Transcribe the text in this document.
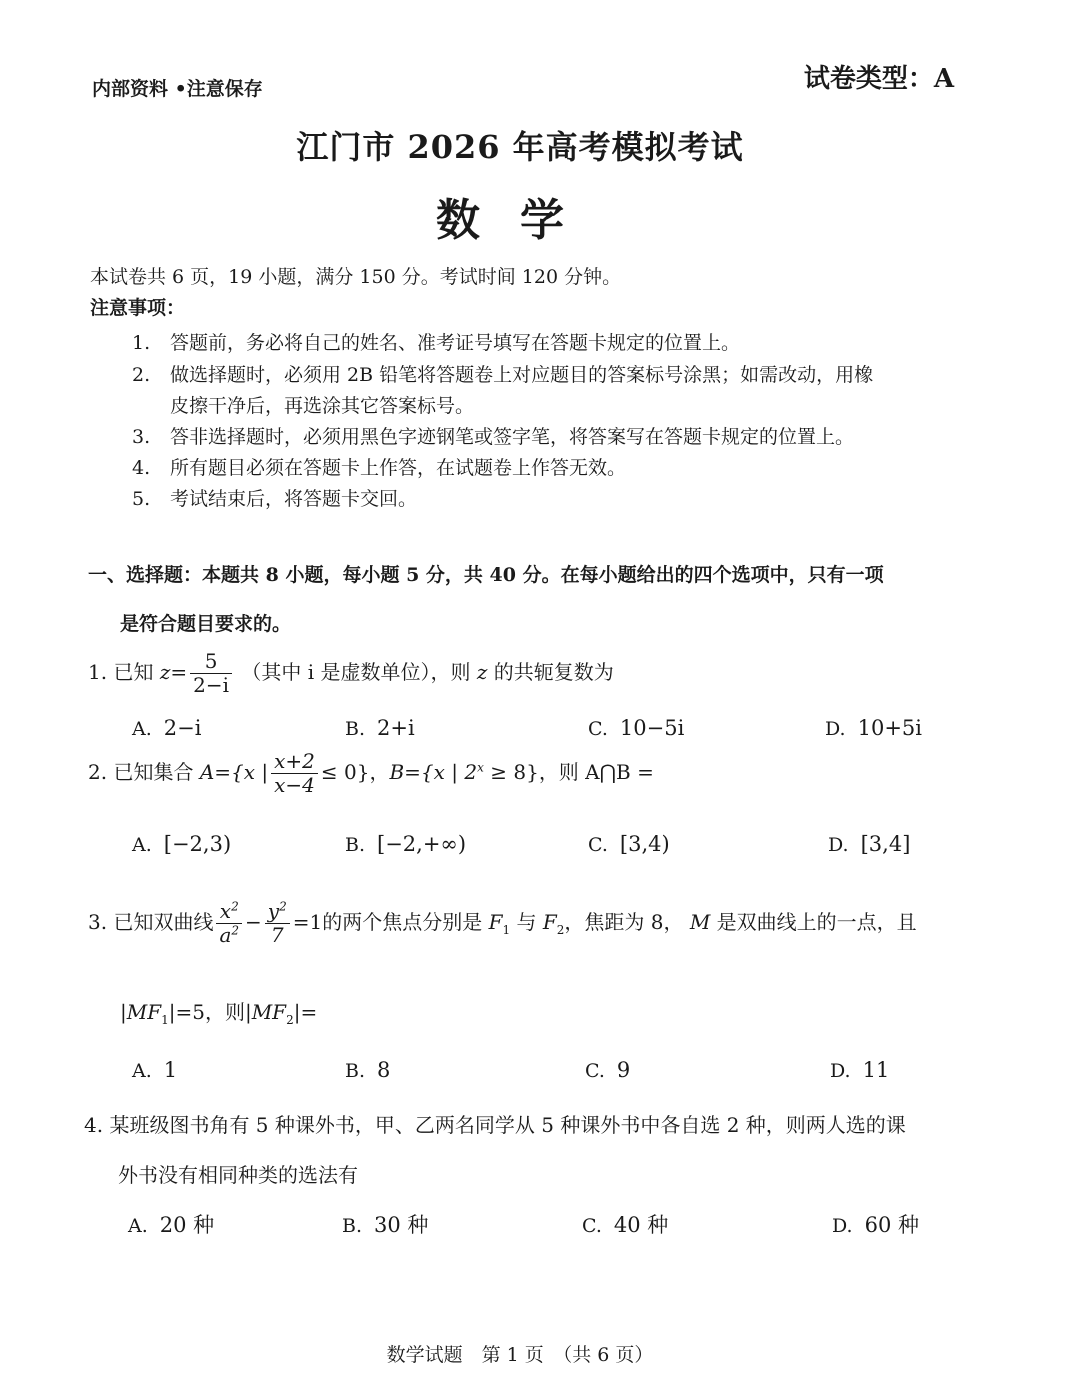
内部资料 •注意保存	试卷类型：A
江门市 2026 年高考模拟考试
数学
本试卷共 6 页，19 小题，满分 150 分。考试时间 120 分钟。
注意事项：
1. 答题前，务必将自己的姓名、准考证号填写在答题卡规定的位置上。
2. 做选择题时，必须用 2B 铅笔将答题卷上对应题目的答案标号涂黑；如需改动，用橡
皮擦干净后，再选涂其它答案标号。
3. 答非选择题时，必须用黑色字迹钢笔或签字笔，将答案写在答题卡规定的位置上。
4. 所有题目必须在答题卡上作答，在试题卷上作答无效。
5. 考试结束后，将答题卡交回。
一、选择题：本题共 8 小题，每小题 5 分，共 40 分。在每小题给出的四个选项中，只有一项
是符合题目要求的。
1. 已知 $z= \frac{5}{2-i}$ （其中 i 是虚数单位），则 z 的共轭复数为
A. 2−i	B. 2+i	C. 10−5i	D. 10+5i
2. 已知集合 A={x | $\frac{x+2}{x-4} \le 0$}，B={x | $2^x \ge 8$}，则 A⋂B =
A. [−2,3)	B. [−2,+∞)	C. [3,4)	D. [3,4]
3. 已知双曲线 $\frac{x^2}{a^2} - \frac{y^2}{7} =1$的两个焦点分别是 $F_1$ 与 $F_2$，焦距为 8， M 是双曲线上的一点，且
$|MF_1|=5$，则$|MF_2|=$
A. 1	B. 8	C. 9	D. 11
4. 某班级图书角有 5 种课外书，甲、乙两名同学从 5 种课外书中各自选 2 种，则两人选的课
外书没有相同种类的选法有
A. 20 种	B. 30 种	C. 40 种	D. 60 种
数学试题　第 1 页　（共 6 页）
